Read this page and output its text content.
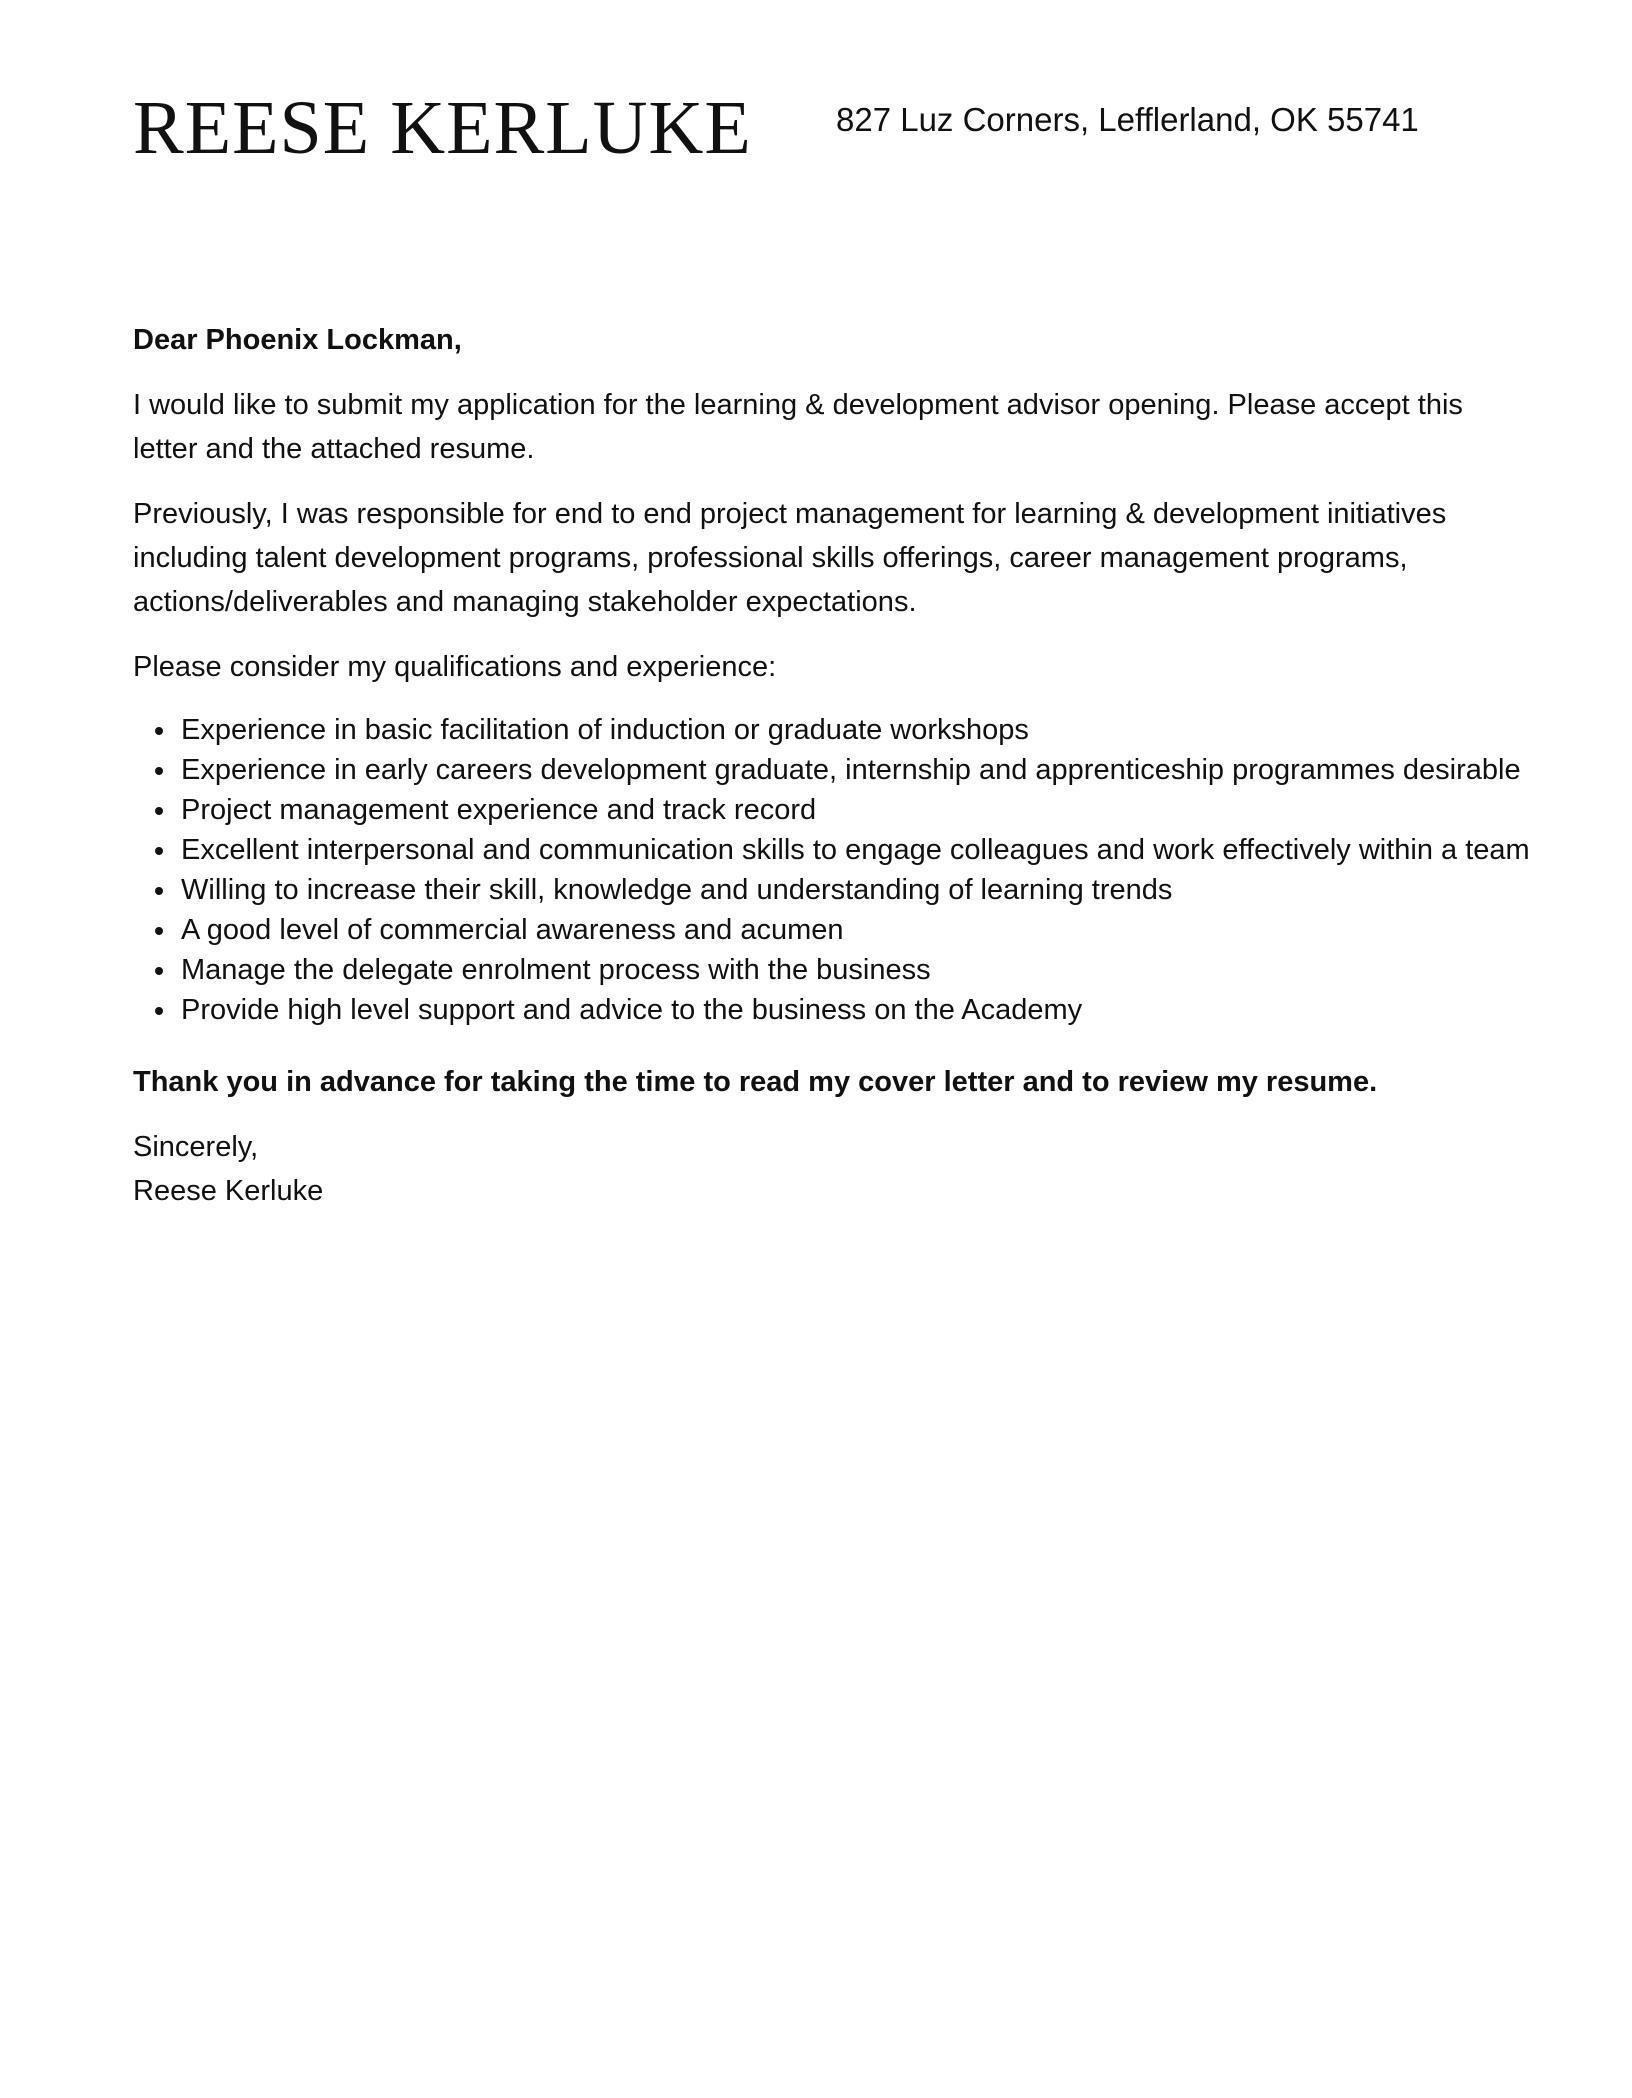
REESE KERLUKE	827 Luz Corners, Lefflerland, OK 55741

Dear Phoenix Lockman,

I would like to submit my application for the learning & development advisor opening. Please accept this letter and the attached resume.

Previously, I was responsible for end to end project management for learning & development initiatives including talent development programs, professional skills offerings, career management programs, actions/deliverables and managing stakeholder expectations.

Please consider my qualifications and experience:

Experience in basic facilitation of induction or graduate workshops
Experience in early careers development graduate, internship and apprenticeship programmes desirable
Project management experience and track record
Excellent interpersonal and communication skills to engage colleagues and work effectively within a team
Willing to increase their skill, knowledge and understanding of learning trends
A good level of commercial awareness and acumen
Manage the delegate enrolment process with the business
Provide high level support and advice to the business on the Academy

Thank you in advance for taking the time to read my cover letter and to review my resume.

Sincerely,

Reese Kerluke
